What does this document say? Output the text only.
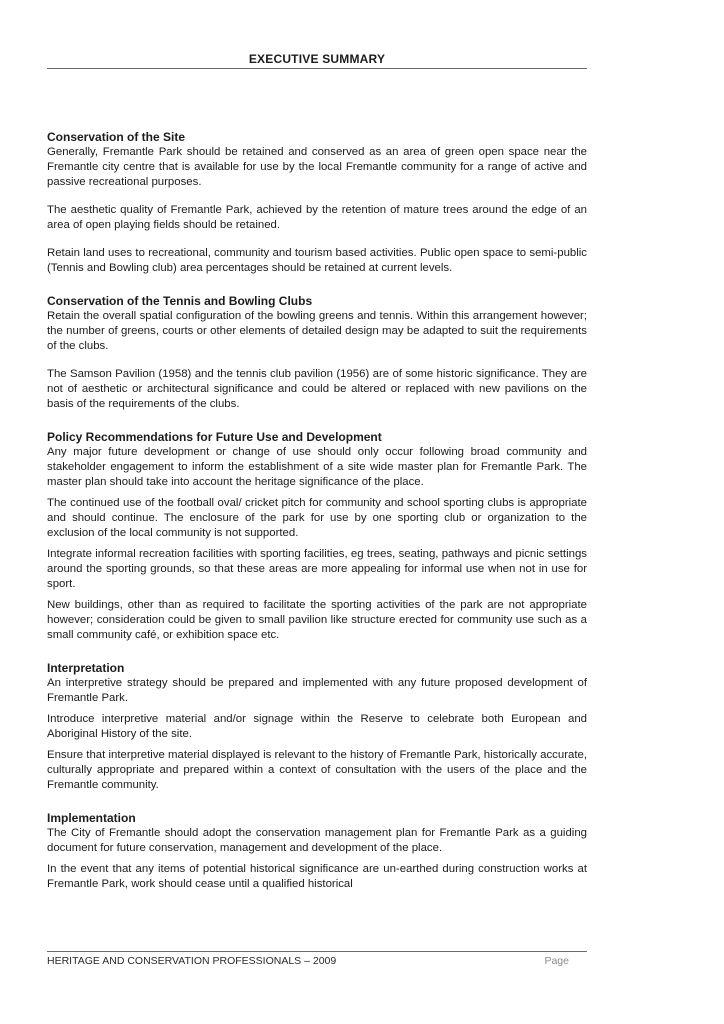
EXECUTIVE SUMMARY
Conservation of the Site

Generally, Fremantle Park should be retained and conserved as an area of green open space near the Fremantle city centre that is available for use by the local Fremantle community for a range of active and passive recreational purposes.

The aesthetic quality of Fremantle Park, achieved by the retention of mature trees around the edge of an area of open playing fields should be retained.

Retain land uses to recreational, community and tourism based activities. Public open space to semi-public (Tennis and Bowling club) area percentages should be retained at current levels.

Conservation of the Tennis and Bowling Clubs

Retain the overall spatial configuration of the bowling greens and tennis. Within this arrangement however; the number of greens, courts or other elements of detailed design may be adapted to suit the requirements of the clubs.

The Samson Pavilion (1958) and the tennis club pavilion (1956) are of some historic significance. They are not of aesthetic or architectural significance and could be altered or replaced with new pavilions on the basis of the requirements of the clubs.

Policy Recommendations for Future Use and Development

Any major future development or change of use should only occur following broad community and stakeholder engagement to inform the establishment of a site wide master plan for Fremantle Park. The master plan should take into account the heritage significance of the place.

The continued use of the football oval/ cricket pitch for community and school sporting clubs is appropriate and should continue. The enclosure of the park for use by one sporting club or organization to the exclusion of the local community is not supported.

Integrate informal recreation facilities with sporting facilities, eg trees, seating, pathways and picnic settings around the sporting grounds, so that these areas are more appealing for informal use when not in use for sport.

New buildings, other than as required to facilitate the sporting activities of the park are not appropriate however; consideration could be given to small pavilion like structure erected for community use such as a small community café, or exhibition space etc.

Interpretation

An interpretive strategy should be prepared and implemented with any future proposed development of Fremantle Park.

Introduce interpretive material and/or signage within the Reserve to celebrate both European and Aboriginal History of the site.

Ensure that interpretive material displayed is relevant to the history of Fremantle Park, historically accurate, culturally appropriate and prepared within a context of consultation with the users of the place and the Fremantle community.

Implementation

The City of Fremantle should adopt the conservation management plan for Fremantle Park as a guiding document for future conservation, management and development of the place.

In the event that any items of potential historical significance are un-earthed during construction works at Fremantle Park, work should cease until a qualified historical

HERITAGE AND CONSERVATION PROFESSIONALS – 2009	Page
